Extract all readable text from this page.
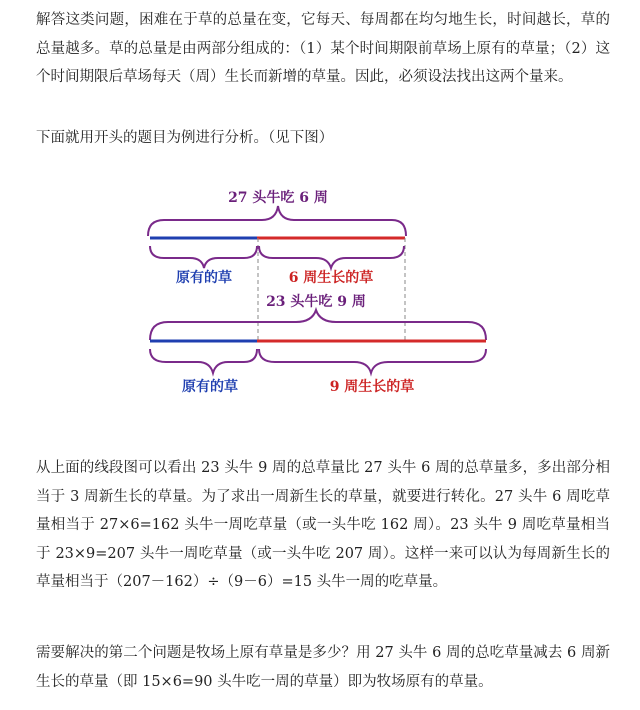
解答这类问题，困难在于草的总量在变，它每天、每周都在均匀地生长，时间越长，草的总量越多。草的总量是由两部分组成的：（1）某个时间期限前草场上原有的草量；（2）这个时间期限后草场每天（周）生长而新增的草量。因此，必须设法找出这两个量来。

下面就用开头的题目为例进行分析。（见下图）

27 头牛吃 6 周
原有的草	6 周生长的草
23 头牛吃 9 周
原有的草	9 周生长的草

从上面的线段图可以看出 23 头牛 9 周的总草量比 27 头牛 6 周的总草量多，多出部分相当于 3 周新生长的草量。为了求出一周新生长的草量，就要进行转化。27 头牛 6 周吃草量相当于 27×6=162 头牛一周吃草量（或一头牛吃 162 周）。23 头牛 9 周吃草量相当于 23×9=207 头牛一周吃草量（或一头牛吃 207 周）。这样一来可以认为每周新生长的草量相当于（207－162）÷（9－6）=15 头牛一周的吃草量。

需要解决的第二个问题是牧场上原有草量是多少？用 27 头牛 6 周的总吃草量减去 6 周新生长的草量（即 15×6=90 头牛吃一周的草量）即为牧场原有的草量。
